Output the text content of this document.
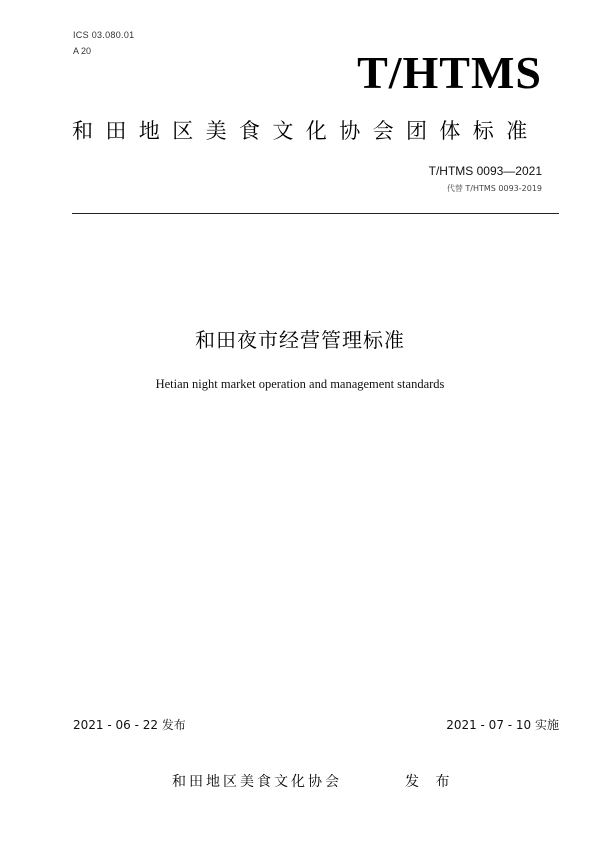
ICS 03.080.01
A 20	T/HTMS
和田地区美食文化协会团体标准
T/HTMS 0093—2021
代替 T/HTMS 0093-2019
和田夜市经营管理标准
Hetian night market operation and management standards
2021 - 06 - 22 发布	2021 - 07 - 10 实施
和田地区美食文化协会	发 布
